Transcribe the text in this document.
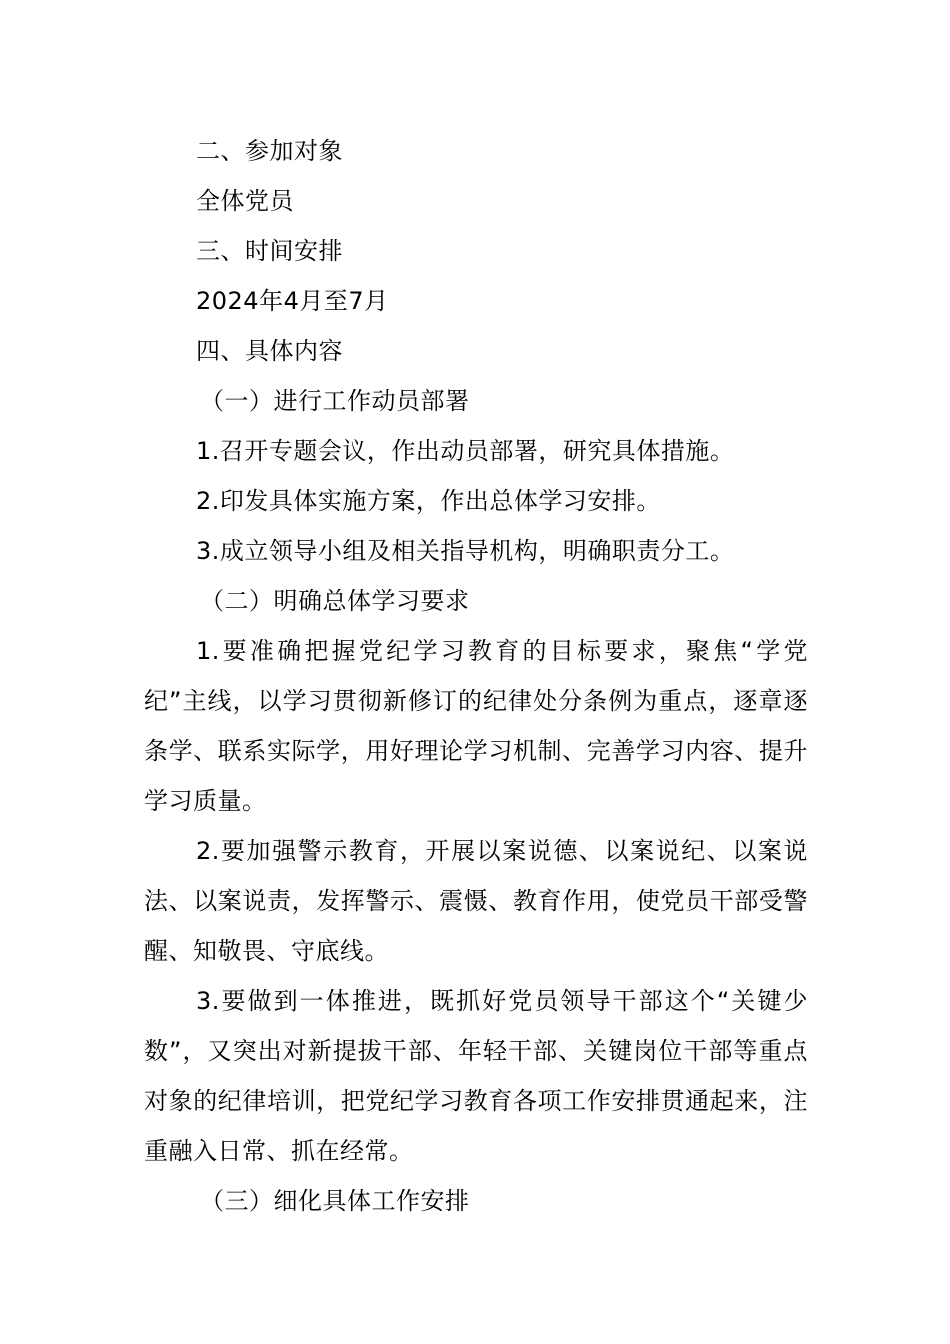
二、参加对象
全体党员
三、时间安排
2024年4月至7月
四、具体内容
（一）进行工作动员部署
1.召开专题会议，作出动员部署，研究具体措施。
2.印发具体实施方案，作出总体学习安排。
3.成立领导小组及相关指导机构，明确职责分工。
（二）明确总体学习要求

1.要准确把握党纪学习教育的目标要求，聚焦“学党纪”主线，以学习贯彻新修订的纪律处分条例为重点，逐章逐条学、联系实际学，用好理论学习机制、完善学习内容、提升学习质量。

2.要加强警示教育，开展以案说德、以案说纪、以案说法、以案说责，发挥警示、震慑、教育作用，使党员干部受警醒、知敬畏、守底线。

3.要做到一体推进，既抓好党员领导干部这个“关键少数”，又突出对新提拔干部、年轻干部、关键岗位干部等重点对象的纪律培训，把党纪学习教育各项工作安排贯通起来，注重融入日常、抓在经常。

（三）细化具体工作安排
